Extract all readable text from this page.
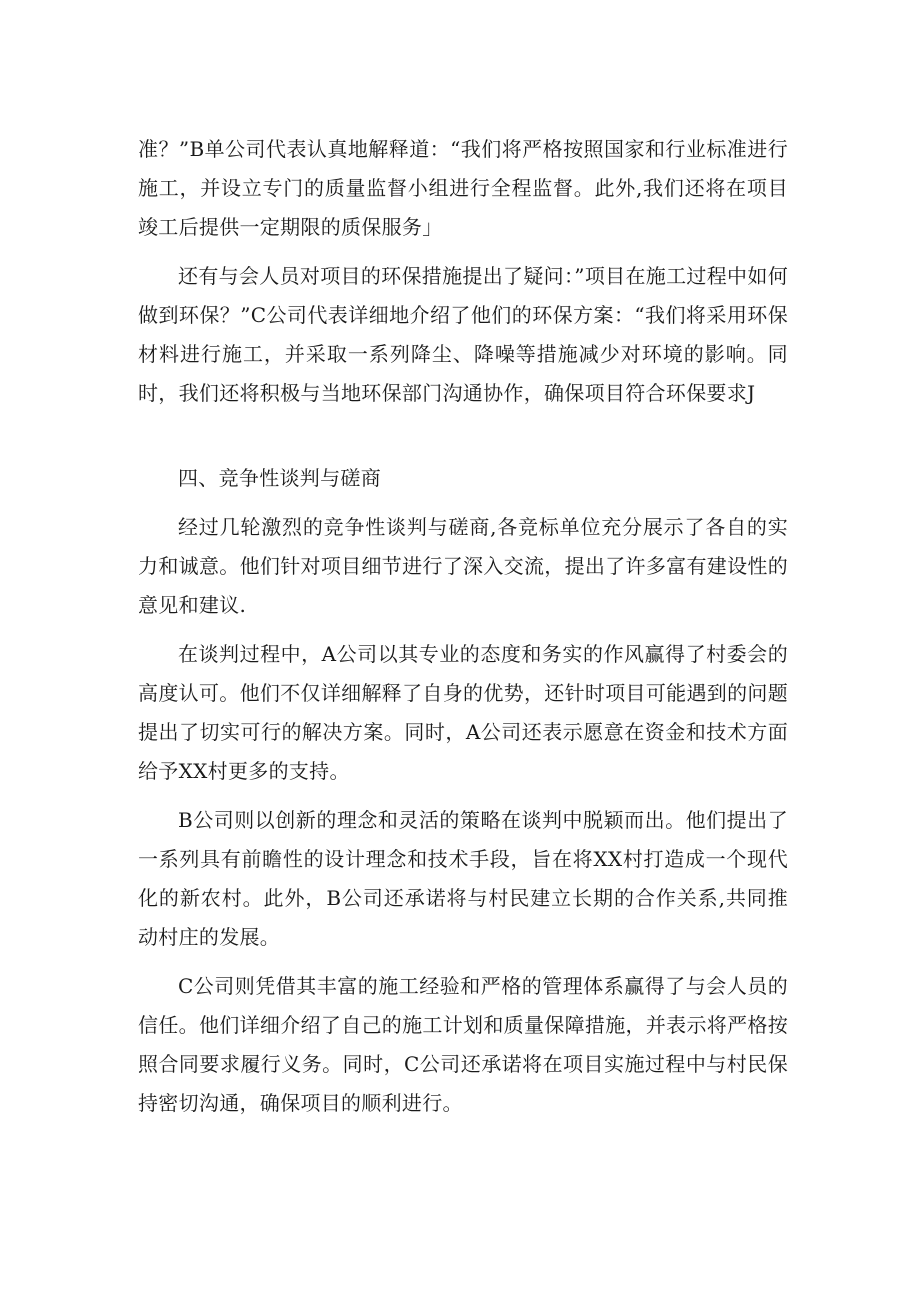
准？”B单公司代表认真地解释道：“我们将严格按照国家和行业标准进行施工，并设立专门的质量监督小组进行全程监督。此外,我们还将在项目竣工后提供一定期限的质保服务」

还有与会人员对项目的环保措施提出了疑问：”项目在施工过程中如何做到环保？”C公司代表详细地介绍了他们的环保方案：“我们将采用环保材料进行施工，并采取一系列降尘、降噪等措施减少对环境的影响。同时，我们还将积极与当地环保部门沟通协作，确保项目符合环保要求J

四、竞争性谈判与磋商

经过几轮激烈的竞争性谈判与磋商,各竞标单位充分展示了各自的实力和诚意。他们针对项目细节进行了深入交流，提出了许多富有建设性的意见和建议.

在谈判过程中，A公司以其专业的态度和务实的作风赢得了村委会的高度认可。他们不仅详细解释了自身的优势，还针时项目可能遇到的问题提出了切实可行的解决方案。同时，A公司还表示愿意在资金和技术方面给予XX村更多的支持。

B公司则以创新的理念和灵活的策略在谈判中脱颖而出。他们提出了一系列具有前瞻性的设计理念和技术手段，旨在将XX村打造成一个现代化的新农村。此外，B公司还承诺将与村民建立长期的合作关系,共同推动村庄的发展。

C公司则凭借其丰富的施工经验和严格的管理体系赢得了与会人员的信任。他们详细介绍了自己的施工计划和质量保障措施，并表示将严格按照合同要求履行义务。同时，C公司还承诺将在项目实施过程中与村民保持密切沟通，确保项目的顺利进行。
